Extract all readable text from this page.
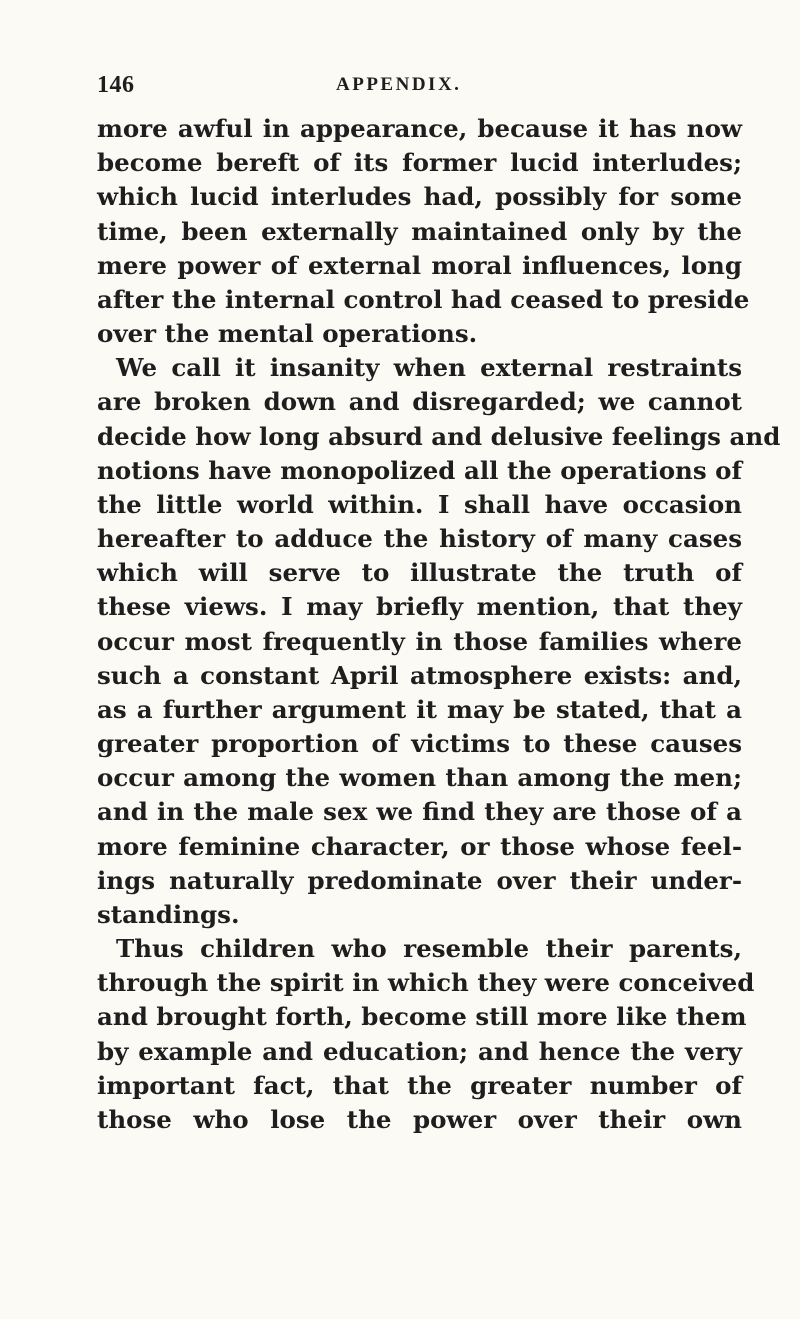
146	APPENDIX.
more awful in appearance, because it has now
become bereft of its former lucid interludes;
which lucid interludes had, possibly for some
time, been externally maintained only by the
mere power of external moral influences, long
after the internal control had ceased to preside
over the mental operations.
We call it insanity when external restraints
are broken down and disregarded; we cannot
decide how long absurd and delusive feelings and
notions have monopolized all the operations of
the little world within. I shall have occasion
hereafter to adduce the history of many cases
which will serve to illustrate the truth of
these views. I may briefly mention, that they
occur most frequently in those families where
such a constant April atmosphere exists: and,
as a further argument it may be stated, that a
greater proportion of victims to these causes
occur among the women than among the men;
and in the male sex we find they are those of a
more feminine character, or those whose feel-
ings naturally predominate over their under-
standings.
Thus children who resemble their parents,
through the spirit in which they were conceived
and brought forth, become still more like them
by example and education; and hence the very
important fact, that the greater number of
those who lose the power over their own
